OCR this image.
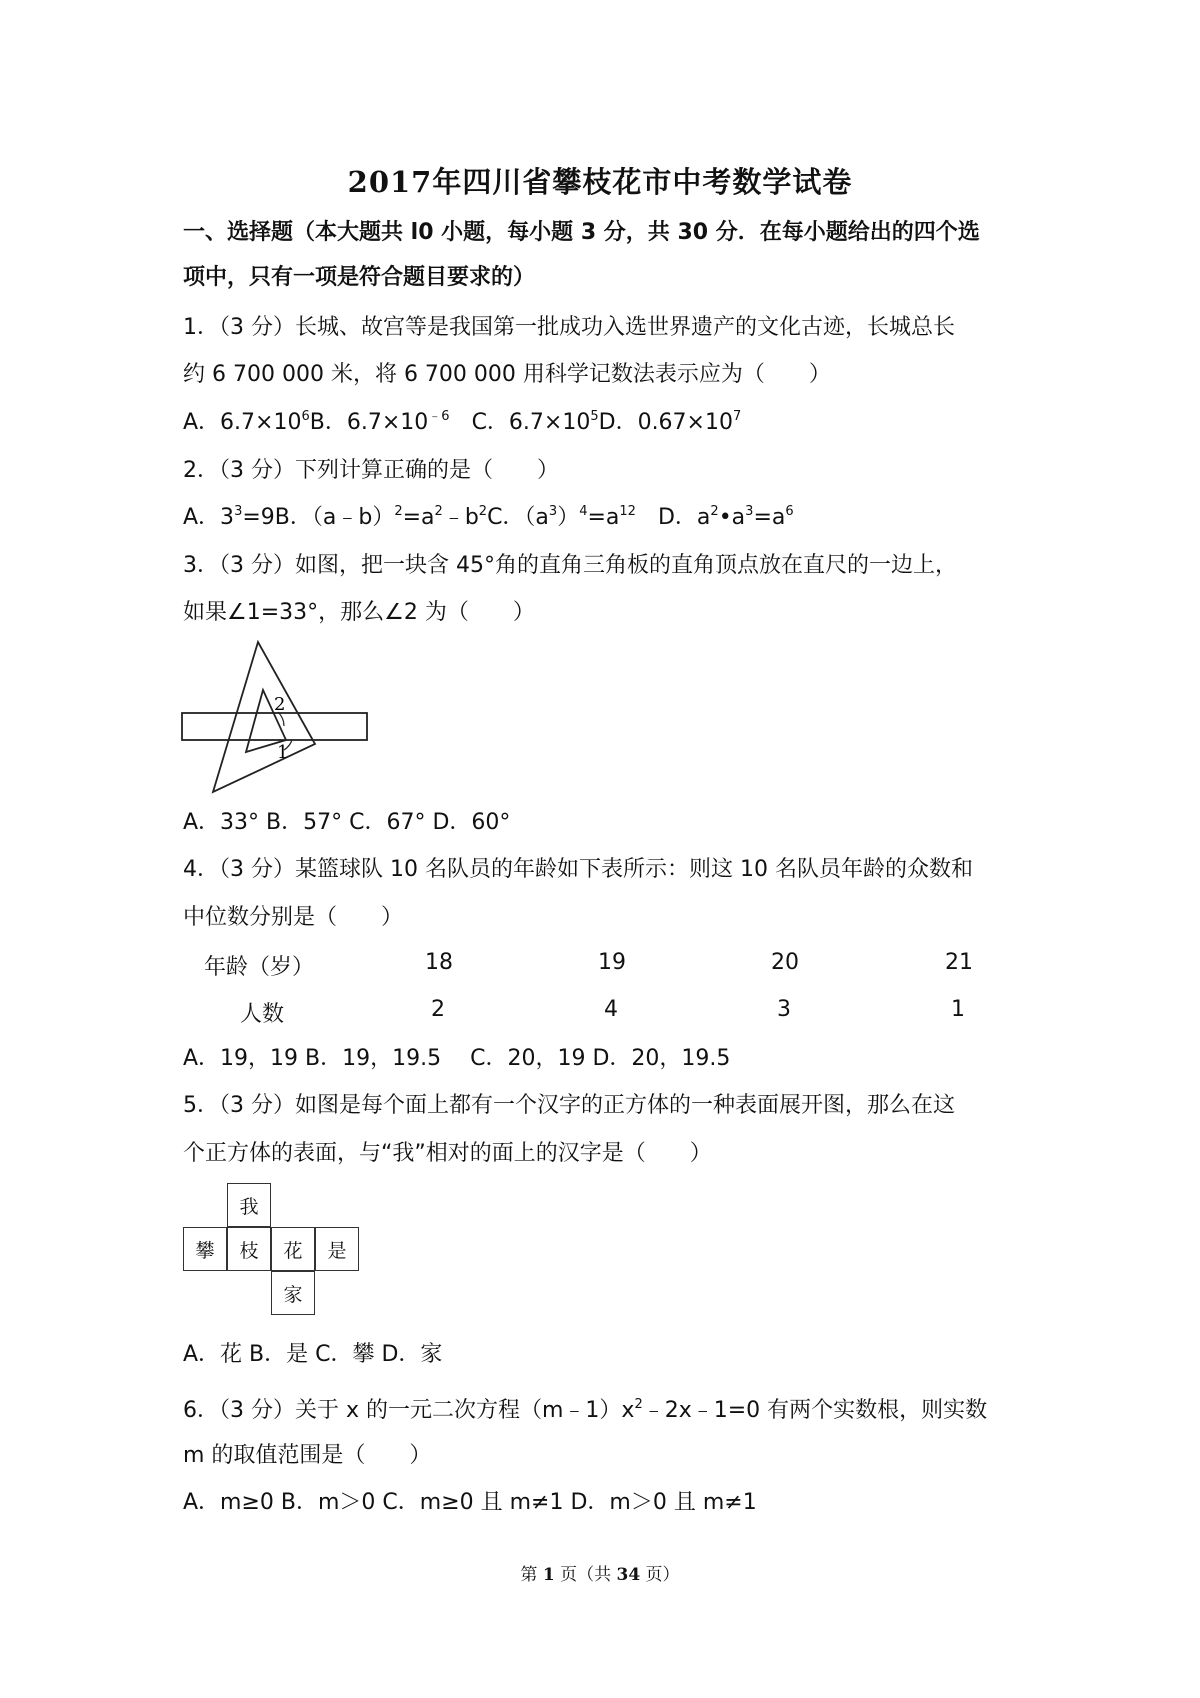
2017年四川省攀枝花市中考数学试卷
一、选择题（本大题共 l0 小题，每小题 3 分，共 30 分．在每小题给出的四个选
项中，只有一项是符合题目要求的）
1．（3 分）长城、故宫等是我国第一批成功入选世界遗产的文化古迹，长城总长
约 6 700 000 米，将 6 700 000 用科学记数法表示应为（　　）
A．$6.7\times 10^6B$．$6.7\times 10^{﹣6}$　 C．$6.7\times 10^5D$．$0.67\times 10^7$
2．（3 分）下列计算正确的是（　　）
A．$3^3=9B$．$(a﹣b)^2=a^2﹣b^2C$．$(a^3)^4=a^{12}$　 D．$a^2•a^3=a^6$
3．（3 分）如图，把一块含 45°角的直角三角板的直角顶点放在直尺的一边上，
如果∠1=33°，那么∠2 为（　　）
2
1
A．33° B．57° C．67° D．60°
4．（3 分）某篮球队 10 名队员的年龄如下表所示：则这 10 名队员年龄的众数和
中位数分别是（　　）
年龄（岁）	18	19	20	21
人数	2	4	3	1
A．19，19 B．19，19.5　 C．20，19 D．20，19.5
5．（3 分）如图是每个面上都有一个汉字的正方体的一种表面展开图，那么在这
个正方体的表面，与“我”相对的面上的汉字是（　　）
我
攀	枝	花	是
家
A．花 B．是 C．攀 D．家
6．（3 分）关于 x 的一元二次方程$(m﹣1)x^2﹣2x﹣1=0$ 有两个实数根，则实数
m 的取值范围是（　　）
A．m≥0 B．m＞0 C．m≥0 且 m≠1 D．m＞0 且 m≠1
第 1 页（共 34 页）
